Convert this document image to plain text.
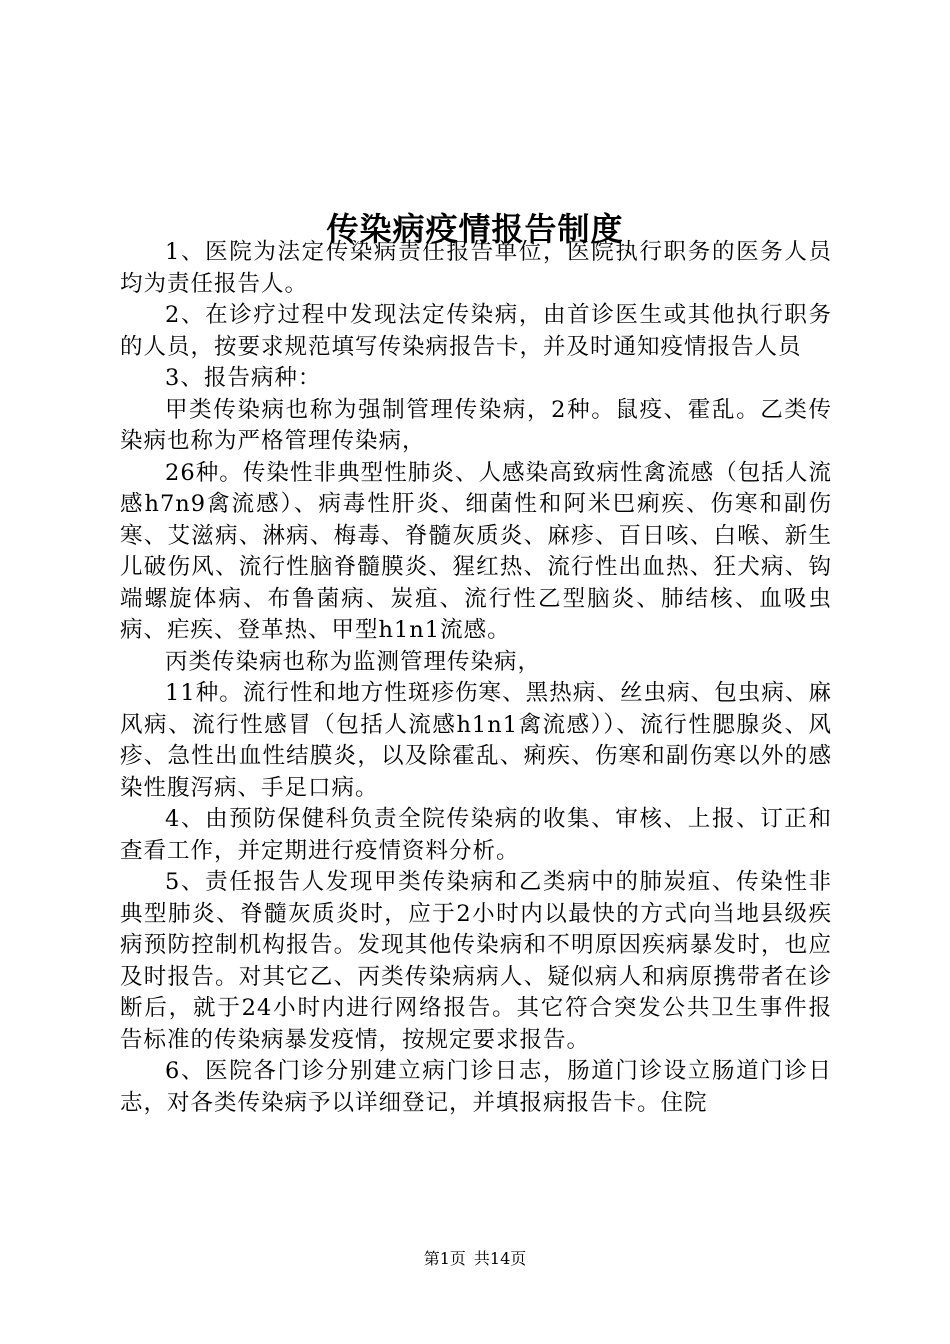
传染病疫情报告制度

1、医院为法定传染病责任报告单位，医院执行职务的医务人员均为责任报告人。

2、在诊疗过程中发现法定传染病，由首诊医生或其他执行职务的人员，按要求规范填写传染病报告卡，并及时通知疫情报告人员

3、报告病种：

甲类传染病也称为强制管理传染病，2种。鼠疫、霍乱。乙类传染病也称为严格管理传染病，

26种。传染性非典型性肺炎、人感染高致病性禽流感（包括人流感h7n9禽流感）、病毒性肝炎、细菌性和阿米巴痢疾、伤寒和副伤寒、艾滋病、淋病、梅毒、脊髓灰质炎、麻疹、百日咳、白喉、新生儿破伤风、流行性脑脊髓膜炎、猩红热、流行性出血热、狂犬病、钩端螺旋体病、布鲁菌病、炭疽、流行性乙型脑炎、肺结核、血吸虫病、疟疾、登革热、甲型h1n1流感。

丙类传染病也称为监测管理传染病，

11种。流行性和地方性斑疹伤寒、黑热病、丝虫病、包虫病、麻风病、流行性感冒（包括人流感h1n1禽流感））、流行性腮腺炎、风疹、急性出血性结膜炎，以及除霍乱、痢疾、伤寒和副伤寒以外的感染性腹泻病、手足口病。

4、由预防保健科负责全院传染病的收集、审核、上报、订正和查看工作，并定期进行疫情资料分析。

5、责任报告人发现甲类传染病和乙类病中的肺炭疽、传染性非典型肺炎、脊髓灰质炎时，应于2小时内以最快的方式向当地县级疾病预防控制机构报告。发现其他传染病和不明原因疾病暴发时，也应及时报告。对其它乙、丙类传染病病人、疑似病人和病原携带者在诊断后，就于24小时内进行网络报告。其它符合突发公共卫生事件报告标准的传染病暴发疫情，按规定要求报告。

6、医院各门诊分别建立病门诊日志，肠道门诊设立肠道门诊日志，对各类传染病予以详细登记，并填报病报告卡。住院

第1页 共14页
